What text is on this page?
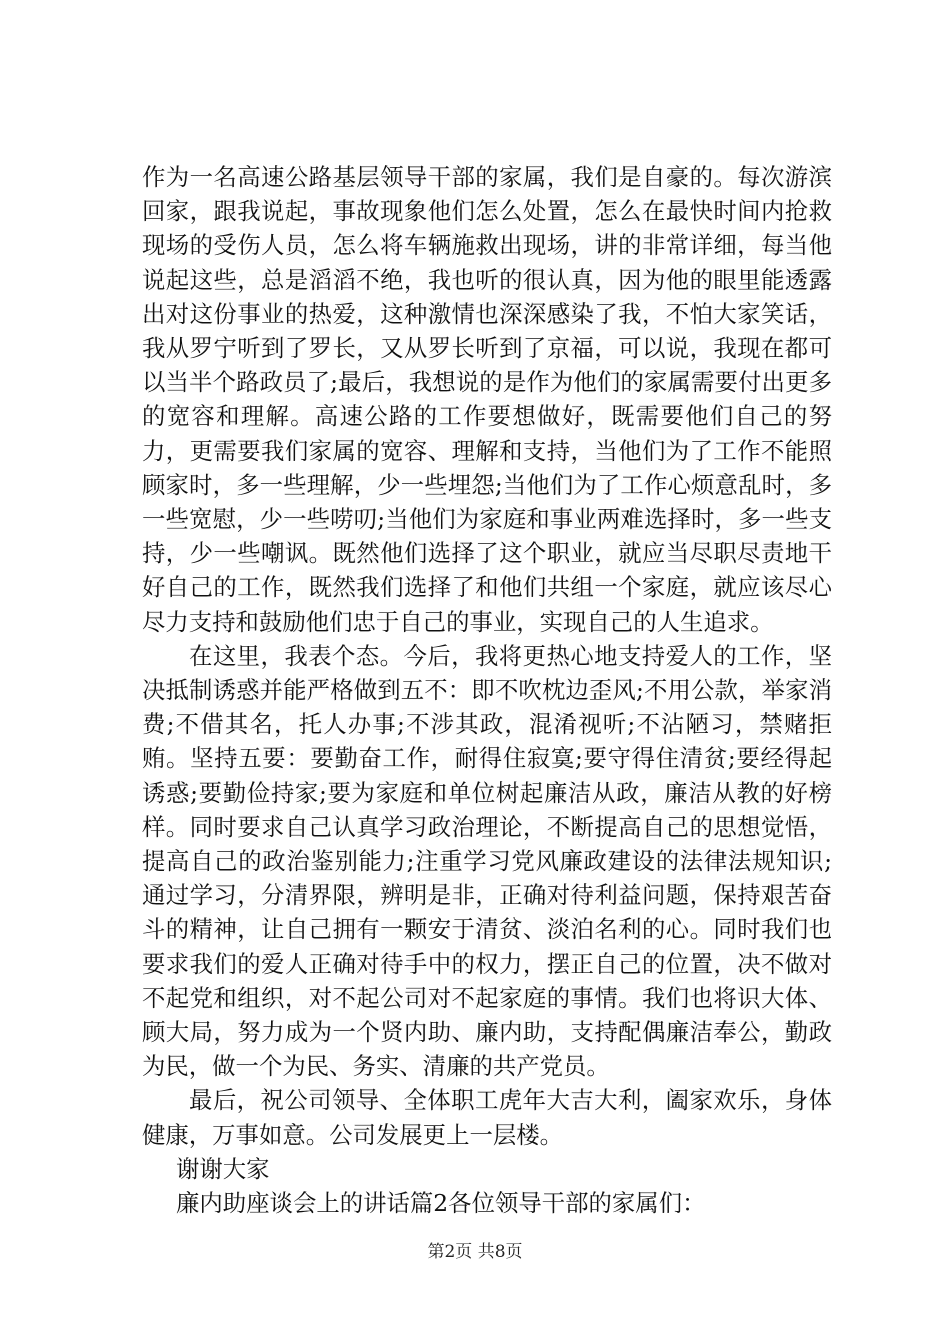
作为一名高速公路基层领导干部的家属，我们是自豪的。每次游滨回家，跟我说起，事故现象他们怎么处置，怎么在最快时间内抢救现场的受伤人员，怎么将车辆施救出现场，讲的非常详细，每当他说起这些，总是滔滔不绝，我也听的很认真，因为他的眼里能透露出对这份事业的热爱，这种激情也深深感染了我，不怕大家笑话，我从罗宁听到了罗长，又从罗长听到了京福，可以说，我现在都可以当半个路政员了;最后，我想说的是作为他们的家属需要付出更多的宽容和理解。高速公路的工作要想做好，既需要他们自己的努力，更需要我们家属的宽容、理解和支持，当他们为了工作不能照顾家时，多一些理解，少一些埋怨;当他们为了工作心烦意乱时，多一些宽慰，少一些唠叨;当他们为家庭和事业两难选择时，多一些支持，少一些嘲讽。既然他们选择了这个职业，就应当尽职尽责地干好自己的工作，既然我们选择了和他们共组一个家庭，就应该尽心尽力支持和鼓励他们忠于自己的事业，实现自己的人生追求。

在这里，我表个态。今后，我将更热心地支持爱人的工作，坚决抵制诱惑并能严格做到五不：即不吹枕边歪风;不用公款，举家消费;不借其名，托人办事;不涉其政，混淆视听;不沾陋习，禁赌拒贿。坚持五要：要勤奋工作，耐得住寂寞;要守得住清贫;要经得起诱惑;要勤俭持家;要为家庭和单位树起廉洁从政，廉洁从教的好榜样。同时要求自己认真学习政治理论，不断提高自己的思想觉悟，提高自己的政治鉴别能力;注重学习党风廉政建设的法律法规知识;通过学习，分清界限，辨明是非，正确对待利益问题，保持艰苦奋斗的精神，让自己拥有一颗安于清贫、淡泊名利的心。同时我们也要求我们的爱人正确对待手中的权力，摆正自己的位置，决不做对不起党和组织，对不起公司对不起家庭的事情。我们也将识大体、顾大局，努力成为一个贤内助、廉内助，支持配偶廉洁奉公，勤政为民，做一个为民、务实、清廉的共产党员。

最后，祝公司领导、全体职工虎年大吉大利，阖家欢乐，身体健康，万事如意。公司发展更上一层楼。

谢谢大家

廉内助座谈会上的讲话篇2各位领导干部的家属们：

第2页 共8页
